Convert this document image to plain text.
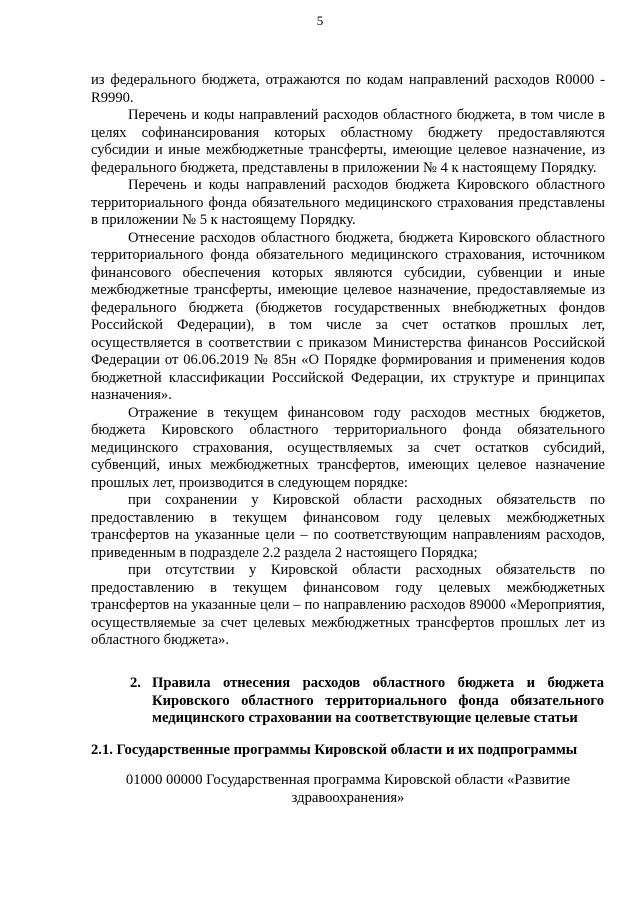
5

из федерального бюджета, отражаются по кодам направлений расходов R0000 - R9990.

Перечень и коды направлений расходов областного бюджета, в том числе в целях софинансирования которых областному бюджету предоставляются субсидии и иные межбюджетные трансферты, имеющие целевое назначение, из федерального бюджета, представлены в приложении № 4 к настоящему Порядку.

Перечень и коды направлений расходов бюджета Кировского областного территориального фонда обязательного медицинского страхования представлены в приложении № 5 к настоящему Порядку.

Отнесение расходов областного бюджета, бюджета Кировского областного территориального фонда обязательного медицинского страхования, источником финансового обеспечения которых являются субсидии, субвенции и иные межбюджетные трансферты, имеющие целевое назначение, предоставляемые из федерального бюджета (бюджетов государственных внебюджетных фондов Российской Федерации), в том числе за счет остатков прошлых лет, осуществляется в соответствии с приказом Министерства финансов Российской Федерации от 06.06.2019 № 85н «О Порядке формирования и применения кодов бюджетной классификации Российской Федерации, их структуре и принципах назначения».

Отражение в текущем финансовом году расходов местных бюджетов, бюджета Кировского областного территориального фонда обязательного медицинского страхования, осуществляемых за счет остатков субсидий, субвенций, иных межбюджетных трансфертов, имеющих целевое назначение прошлых лет, производится в следующем порядке:

при сохранении у Кировской области расходных обязательств по предоставлению в текущем финансовом году целевых межбюджетных трансфертов на указанные цели – по соответствующим направлениям расходов, приведенным в подразделе 2.2 раздела 2 настоящего Порядка;

при отсутствии у Кировской области расходных обязательств по предоставлению в текущем финансовом году целевых межбюджетных трансфертов на указанные цели – по направлению расходов 89000 «Мероприятия, осуществляемые за счет целевых межбюджетных трансфертов прошлых лет из областного бюджета».

2. Правила отнесения расходов областного бюджета и бюджета Кировского областного территориального фонда обязательного медицинского страховании на соответствующие целевые статьи
2.1. Государственные программы Кировской области и их подпрограммы
01000 00000 Государственная программа Кировской области «Развитие здравоохранения»
